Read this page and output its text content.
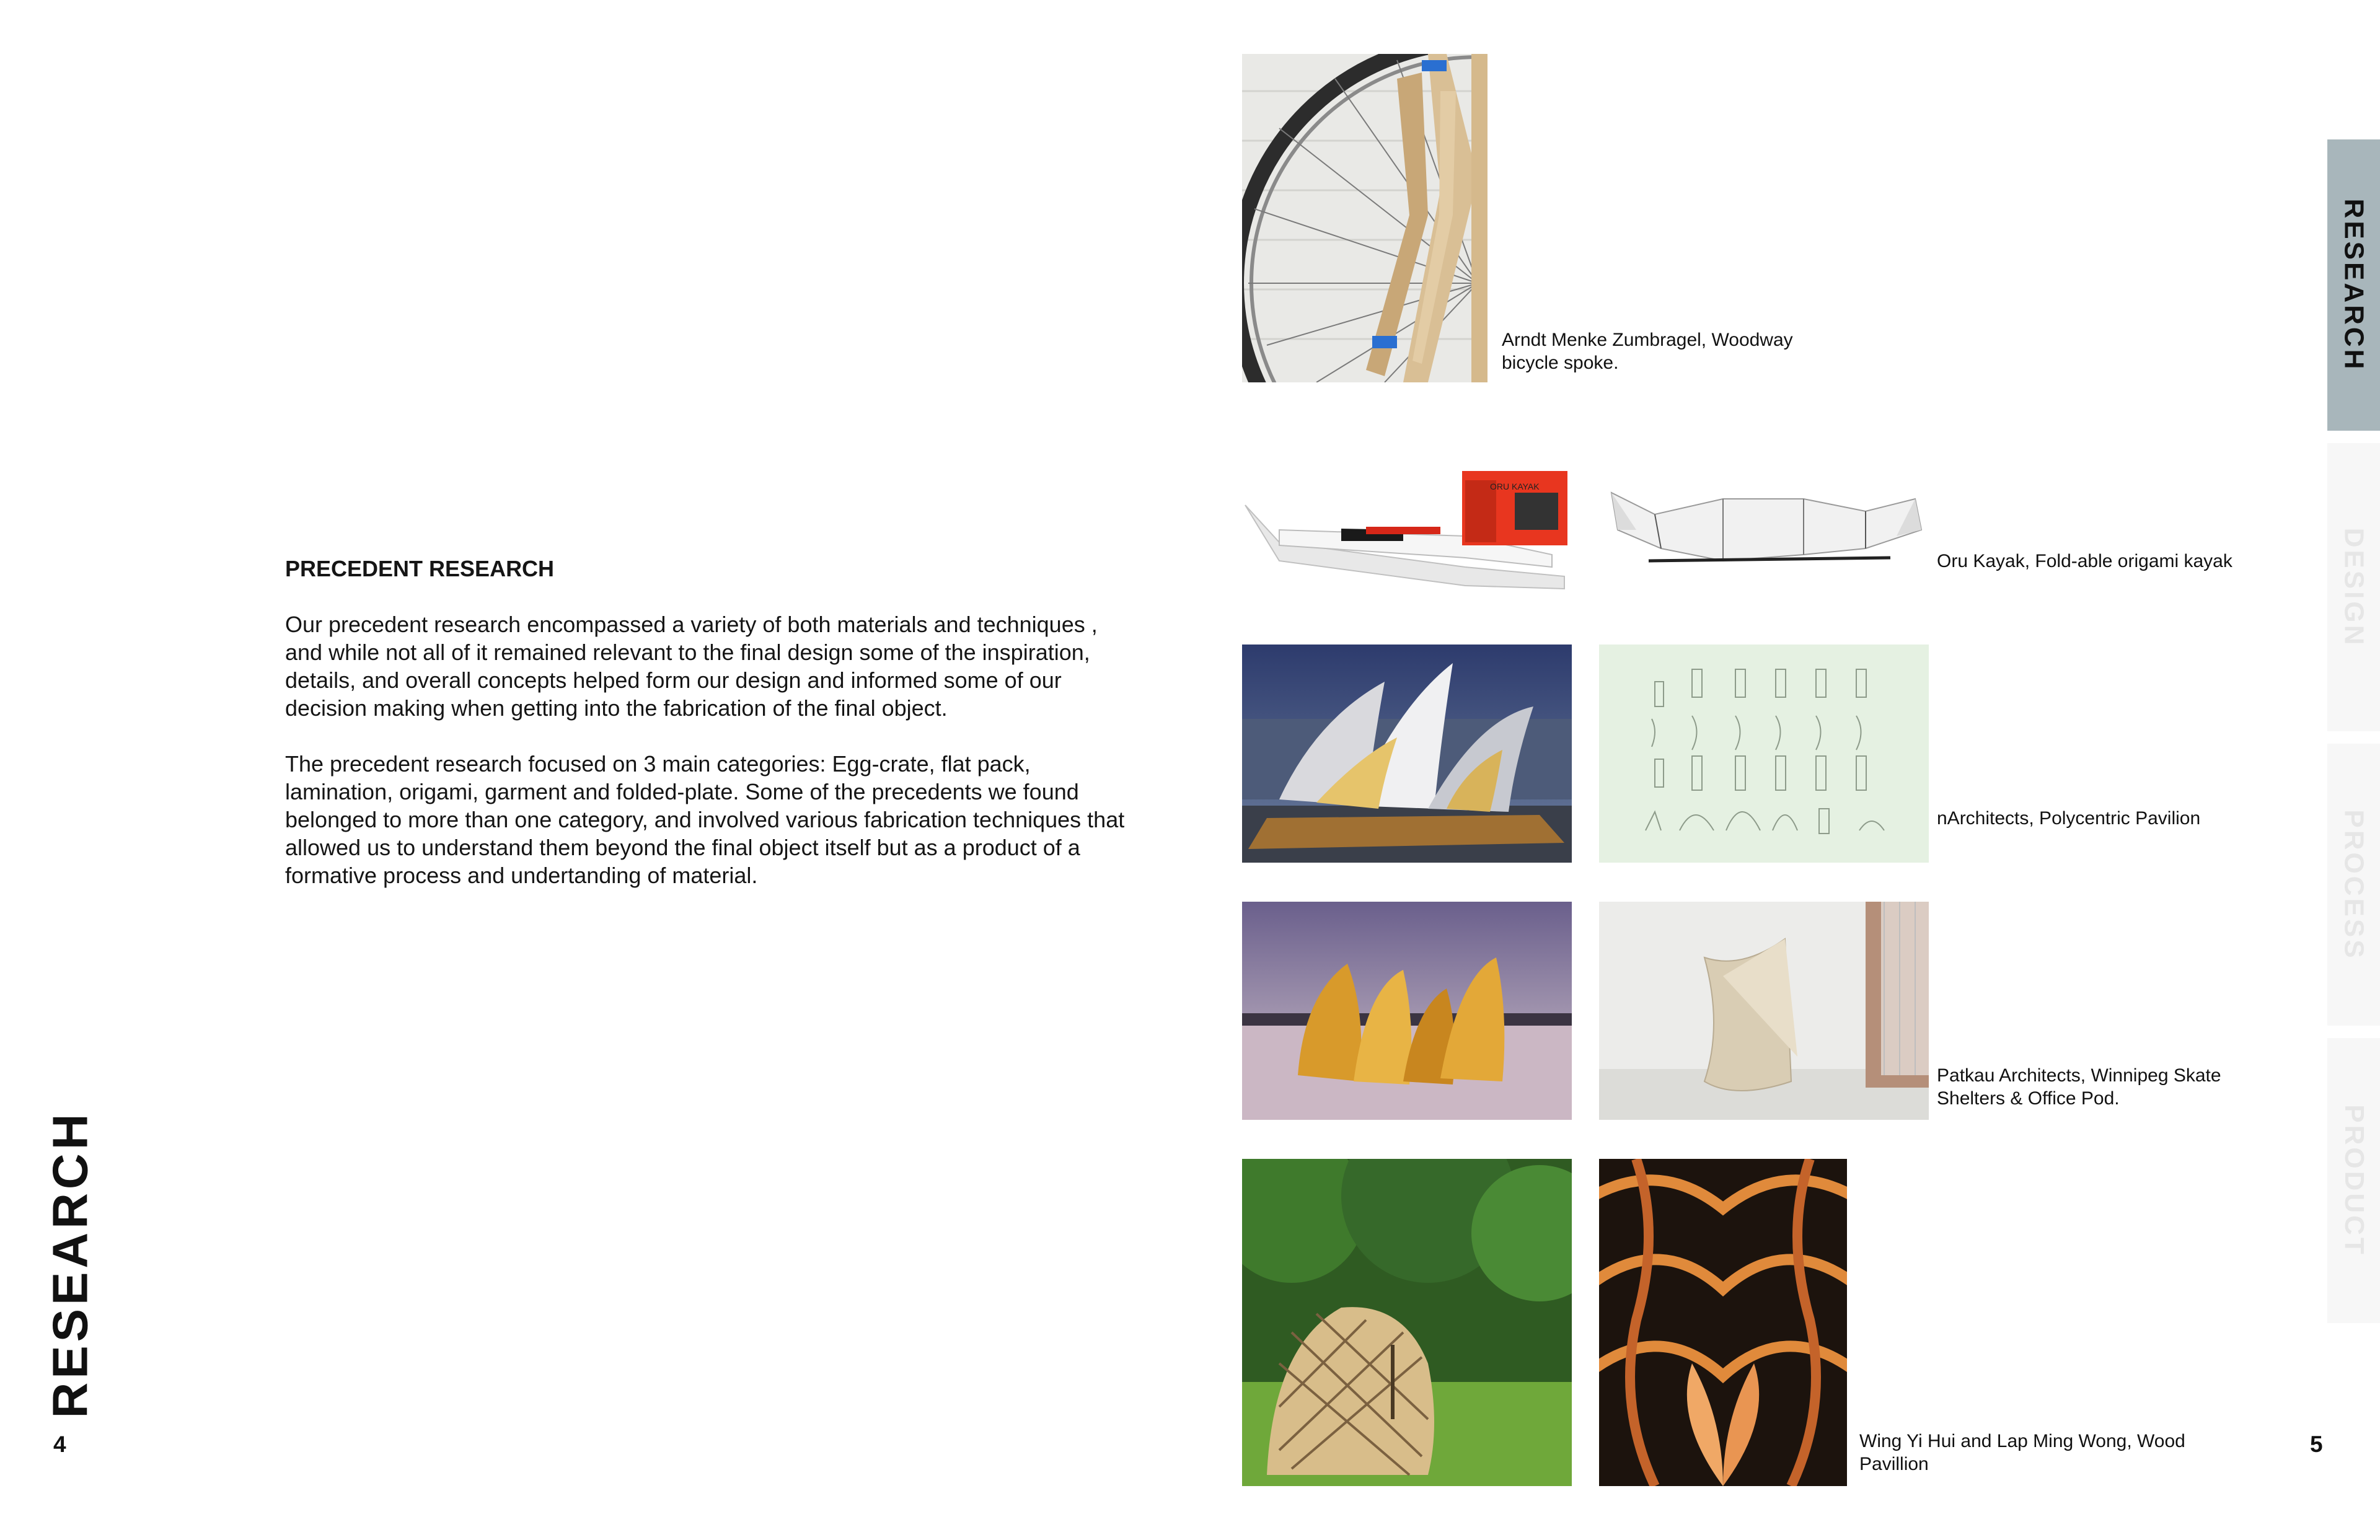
RESEARCH
4
PRECEDENT RESEARCH

Our precedent research encompassed a variety of both materials and techniques , and while not all of it remained relevant to the final design some of the inspiration, details, and overall concepts helped form our design and informed some of our decision making when getting into the fabrication of the final object.

The precedent research focused on 3 main categories: Egg-crate, flat pack, lamination, origami, garment and folded-plate. Some of the precedents we found belonged to more than one category, and involved various fabrication techniques that allowed us to understand them beyond the final object itself but as a product of a formative process and undertanding of material.

Arndt Menke Zumbragel, Woodway bicycle spoke.
ORU KAYAK
Oru Kayak, Fold-able origami kayak
nArchitects, Polycentric Pavilion
Patkau Architects, Winnipeg Skate Shelters & Office Pod.
Wing Yi Hui and Lap Ming Wong, Wood Pavillion
5
RESEARCH
DESIGN
PROCESS
PRODUCT
